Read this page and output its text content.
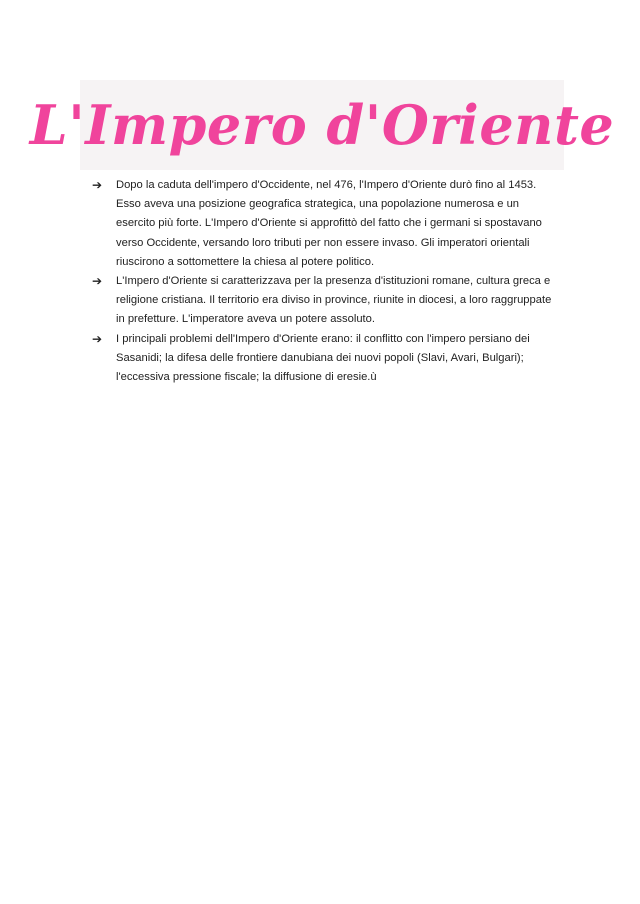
L'Impero d'Oriente
➔	Dopo la caduta dell'impero d'Occidente, nel 476, l'Impero d'Oriente durò fino al 1453. Esso aveva una posizione geografica strategica, una popolazione numerosa e un esercito più forte. L'Impero d'Oriente si approfittò del fatto che i germani si spostavano verso Occidente, versando loro tributi per non essere invaso. Gli imperatori orientali riuscirono a sottomettere la chiesa al potere politico.
➔	L'Impero d'Oriente si caratterizzava per la presenza d'istituzioni romane, cultura greca e religione cristiana. Il territorio era diviso in province, riunite in diocesi, a loro raggruppate in prefetture. L'imperatore aveva un potere assoluto.
➔	I principali problemi dell'Impero d'Oriente erano: il conflitto con l'impero persiano dei Sasanidi; la difesa delle frontiere danubiana dei nuovi popoli (Slavi, Avari, Bulgari); l'eccessiva pressione fiscale; la diffusione di eresie.ù
